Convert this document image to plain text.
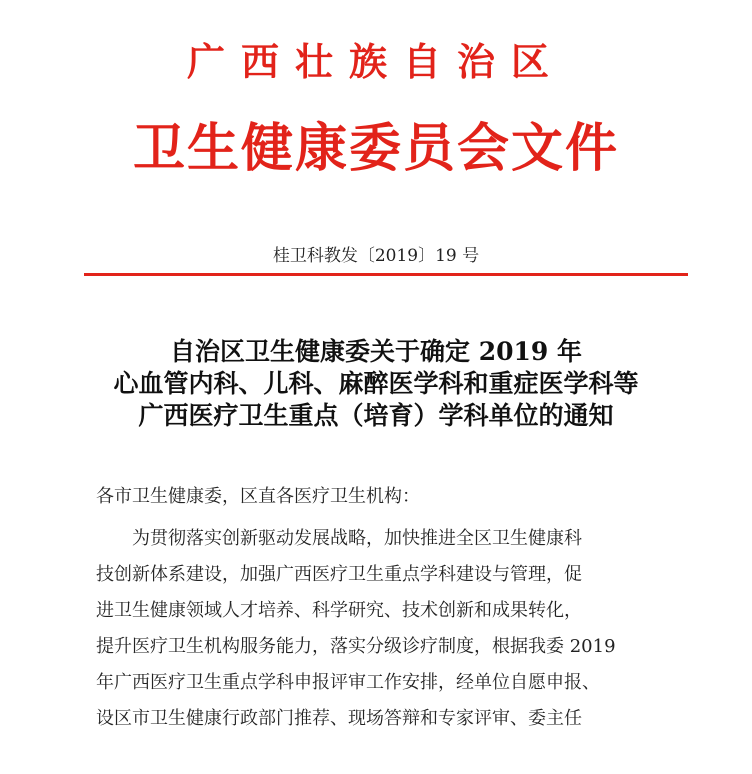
广西壮族自治区
卫生健康委员会文件
桂卫科教发〔2019〕19 号
自治区卫生健康委关于确定 2019 年
心血管内科、儿科、麻醉医学科和重症医学科等
广西医疗卫生重点（培育）学科单位的通知
各市卫生健康委，区直各医疗卫生机构：
为贯彻落实创新驱动发展战略，加快推进全区卫生健康科
技创新体系建设，加强广西医疗卫生重点学科建设与管理，促
进卫生健康领域人才培养、科学研究、技术创新和成果转化，
提升医疗卫生机构服务能力，落实分级诊疗制度，根据我委 2019
年广西医疗卫生重点学科申报评审工作安排，经单位自愿申报、
设区市卫生健康行政部门推荐、现场答辩和专家评审、委主任
